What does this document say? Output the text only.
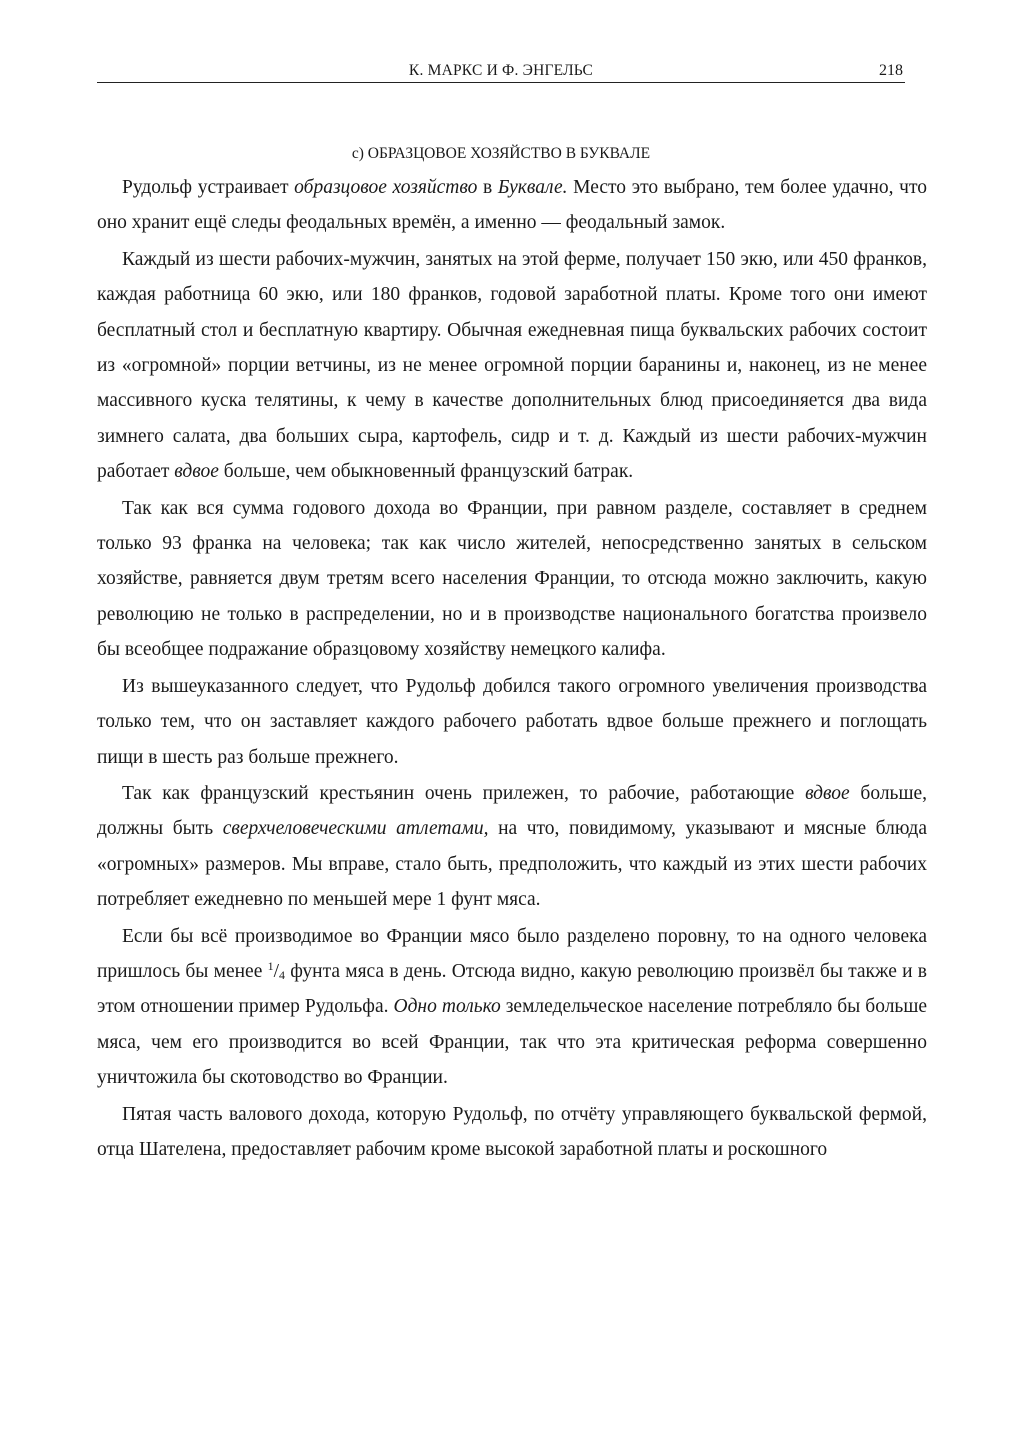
К. МАРКС И Ф. ЭНГЕЛЬС	218
с) ОБРАЗЦОВОЕ ХОЗЯЙСТВО В БУКВАЛЕ

Рудольф устраивает образцовое хозяйство в Буквале. Место это выбрано, тем более удачно, что оно хранит ещё следы феодальных времён, а именно — феодальный замок.

Каждый из шести рабочих-мужчин, занятых на этой ферме, получает 150 экю, или 450 франков, каждая работница 60 экю, или 180 франков, годовой заработной платы. Кроме того они имеют бесплатный стол и бесплатную квартиру. Обычная ежедневная пища буквальских рабочих состоит из «огромной» порции ветчины, из не менее огромной порции баранины и, наконец, из не менее массивного куска телятины, к чему в качестве дополнительных блюд присоединяется два вида зимнего салата, два больших сыра, картофель, сидр и т. д. Каждый из шести рабочих-мужчин работает вдвое больше, чем обыкновенный французский батрак.

Так как вся сумма годового дохода во Франции, при равном разделе, составляет в среднем только 93 франка на человека; так как число жителей, непосредственно занятых в сельском хозяйстве, равняется двум третям всего населения Франции, то отсюда можно заключить, какую революцию не только в распределении, но и в производстве национального богатства произвело бы всеобщее подражание образцовому хозяйству немецкого калифа.

Из вышеуказанного следует, что Рудольф добился такого огромного увеличения производства только тем, что он заставляет каждого рабочего работать вдвое больше прежнего и поглощать пищи в шесть раз больше прежнего.

Так как французский крестьянин очень прилежен, то рабочие, работающие вдвое больше, должны быть сверхчеловеческими атлетами, на что, повидимому, указывают и мясные блюда «огромных» размеров. Мы вправе, стало быть, предположить, что каждый из этих шести рабочих потребляет ежедневно по меньшей мере 1 фунт мяса.

Если бы всё производимое во Франции мясо было разделено поровну, то на одного человека пришлось бы менее $^1/_4$ фунта мяса в день. Отсюда видно, какую революцию произвёл бы также и в этом отношении пример Рудольфа. Одно только земледельческое население потребляло бы больше мяса, чем его производится во всей Франции, так что эта критическая реформа совершенно уничтожила бы скотоводство во Франции.

Пятая часть валового дохода, которую Рудольф, по отчёту управляющего буквальской фермой, отца Шателена, предоставляет рабочим кроме высокой заработной платы и роскошного
